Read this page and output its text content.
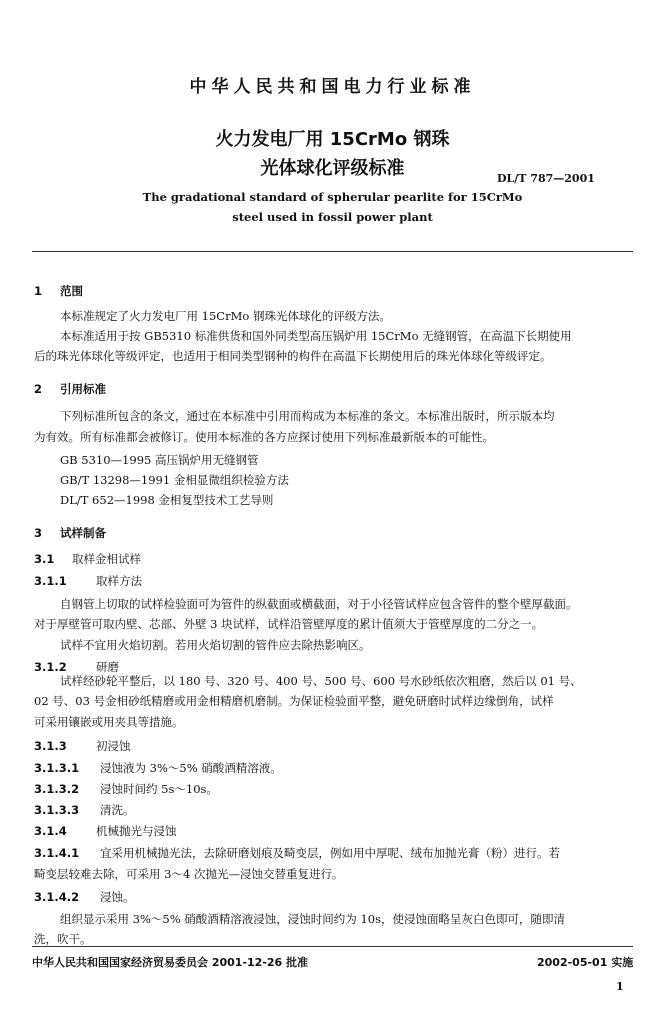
中华人民共和国电力行业标准
火力发电厂用 15CrMo 钢珠
光体球化评级标准	DL/T 787—2001
The gradational standard of spherular pearlite for 15CrMo
steel used in fossil power plant
1 范围
本标准规定了火力发电厂用 15CrMo 钢珠光体球化的评级方法。
本标准适用于按 GB5310 标准供货和国外同类型高压锅炉用 15CrMo 无缝钢管，在高温下长期使用
后的珠光体球化等级评定，也适用于相同类型钢种的构件在高温下长期使用后的珠光体球化等级评定。
2 引用标准
下列标准所包含的条文，通过在本标准中引用而构成为本标准的条文。本标准出版时，所示版本均
为有效。所有标准都会被修订。使用本标准的各方应探讨使用下列标准最新版本的可能性。
GB 5310—1995 高压锅炉用无缝钢管
GB/T 13298—1991 金相显微组织检验方法
DL/T 652—1998 金相复型技术工艺导则
3 试样制备
3.1 取样金相试样
3.1.1	取样方法
自钢管上切取的试样检验面可为管件的纵截面或横截面，对于小径管试样应包含管件的整个壁厚截面。
对于厚壁管可取内壁、芯部、外壁 3 块试样，试样沿管壁厚度的累计值须大于管壁厚度的二分之一。
试样不宜用火焰切割。若用火焰切割的管件应去除热影响区。
3.1.2	研磨
试样经砂轮平整后，以 180 号、320 号、400 号、500 号、600 号水砂纸依次粗磨，然后以 01 号、
02 号、03 号金相砂纸精磨或用金相精磨机磨制。为保证检验面平整，避免研磨时试样边缘倒角，试样
可采用镶嵌或用夹具等措施。
3.1.3	初浸蚀
3.1.3.1 浸蚀液为 3%～5% 硝酸酒精溶液。
3.1.3.2 浸蚀时间约 5s～10s。
3.1.3.3 清洗。
3.1.4	机械抛光与浸蚀
3.1.4.1 宜采用机械抛光法，去除研磨划痕及畸变层，例如用中厚呢、绒布加抛光膏（粉）进行。若
畸变层较难去除，可采用 3～4 次抛光—浸蚀交替重复进行。
3.1.4.2 浸蚀。
组织显示采用 3%～5% 硝酸酒精溶液浸蚀，浸蚀时间约为 10s，使浸蚀面略呈灰白色即可，随即清
洗，吹干。
中华人民共和国国家经济贸易委员会 2001-12-26 批准	2002-05-01 实施
1
